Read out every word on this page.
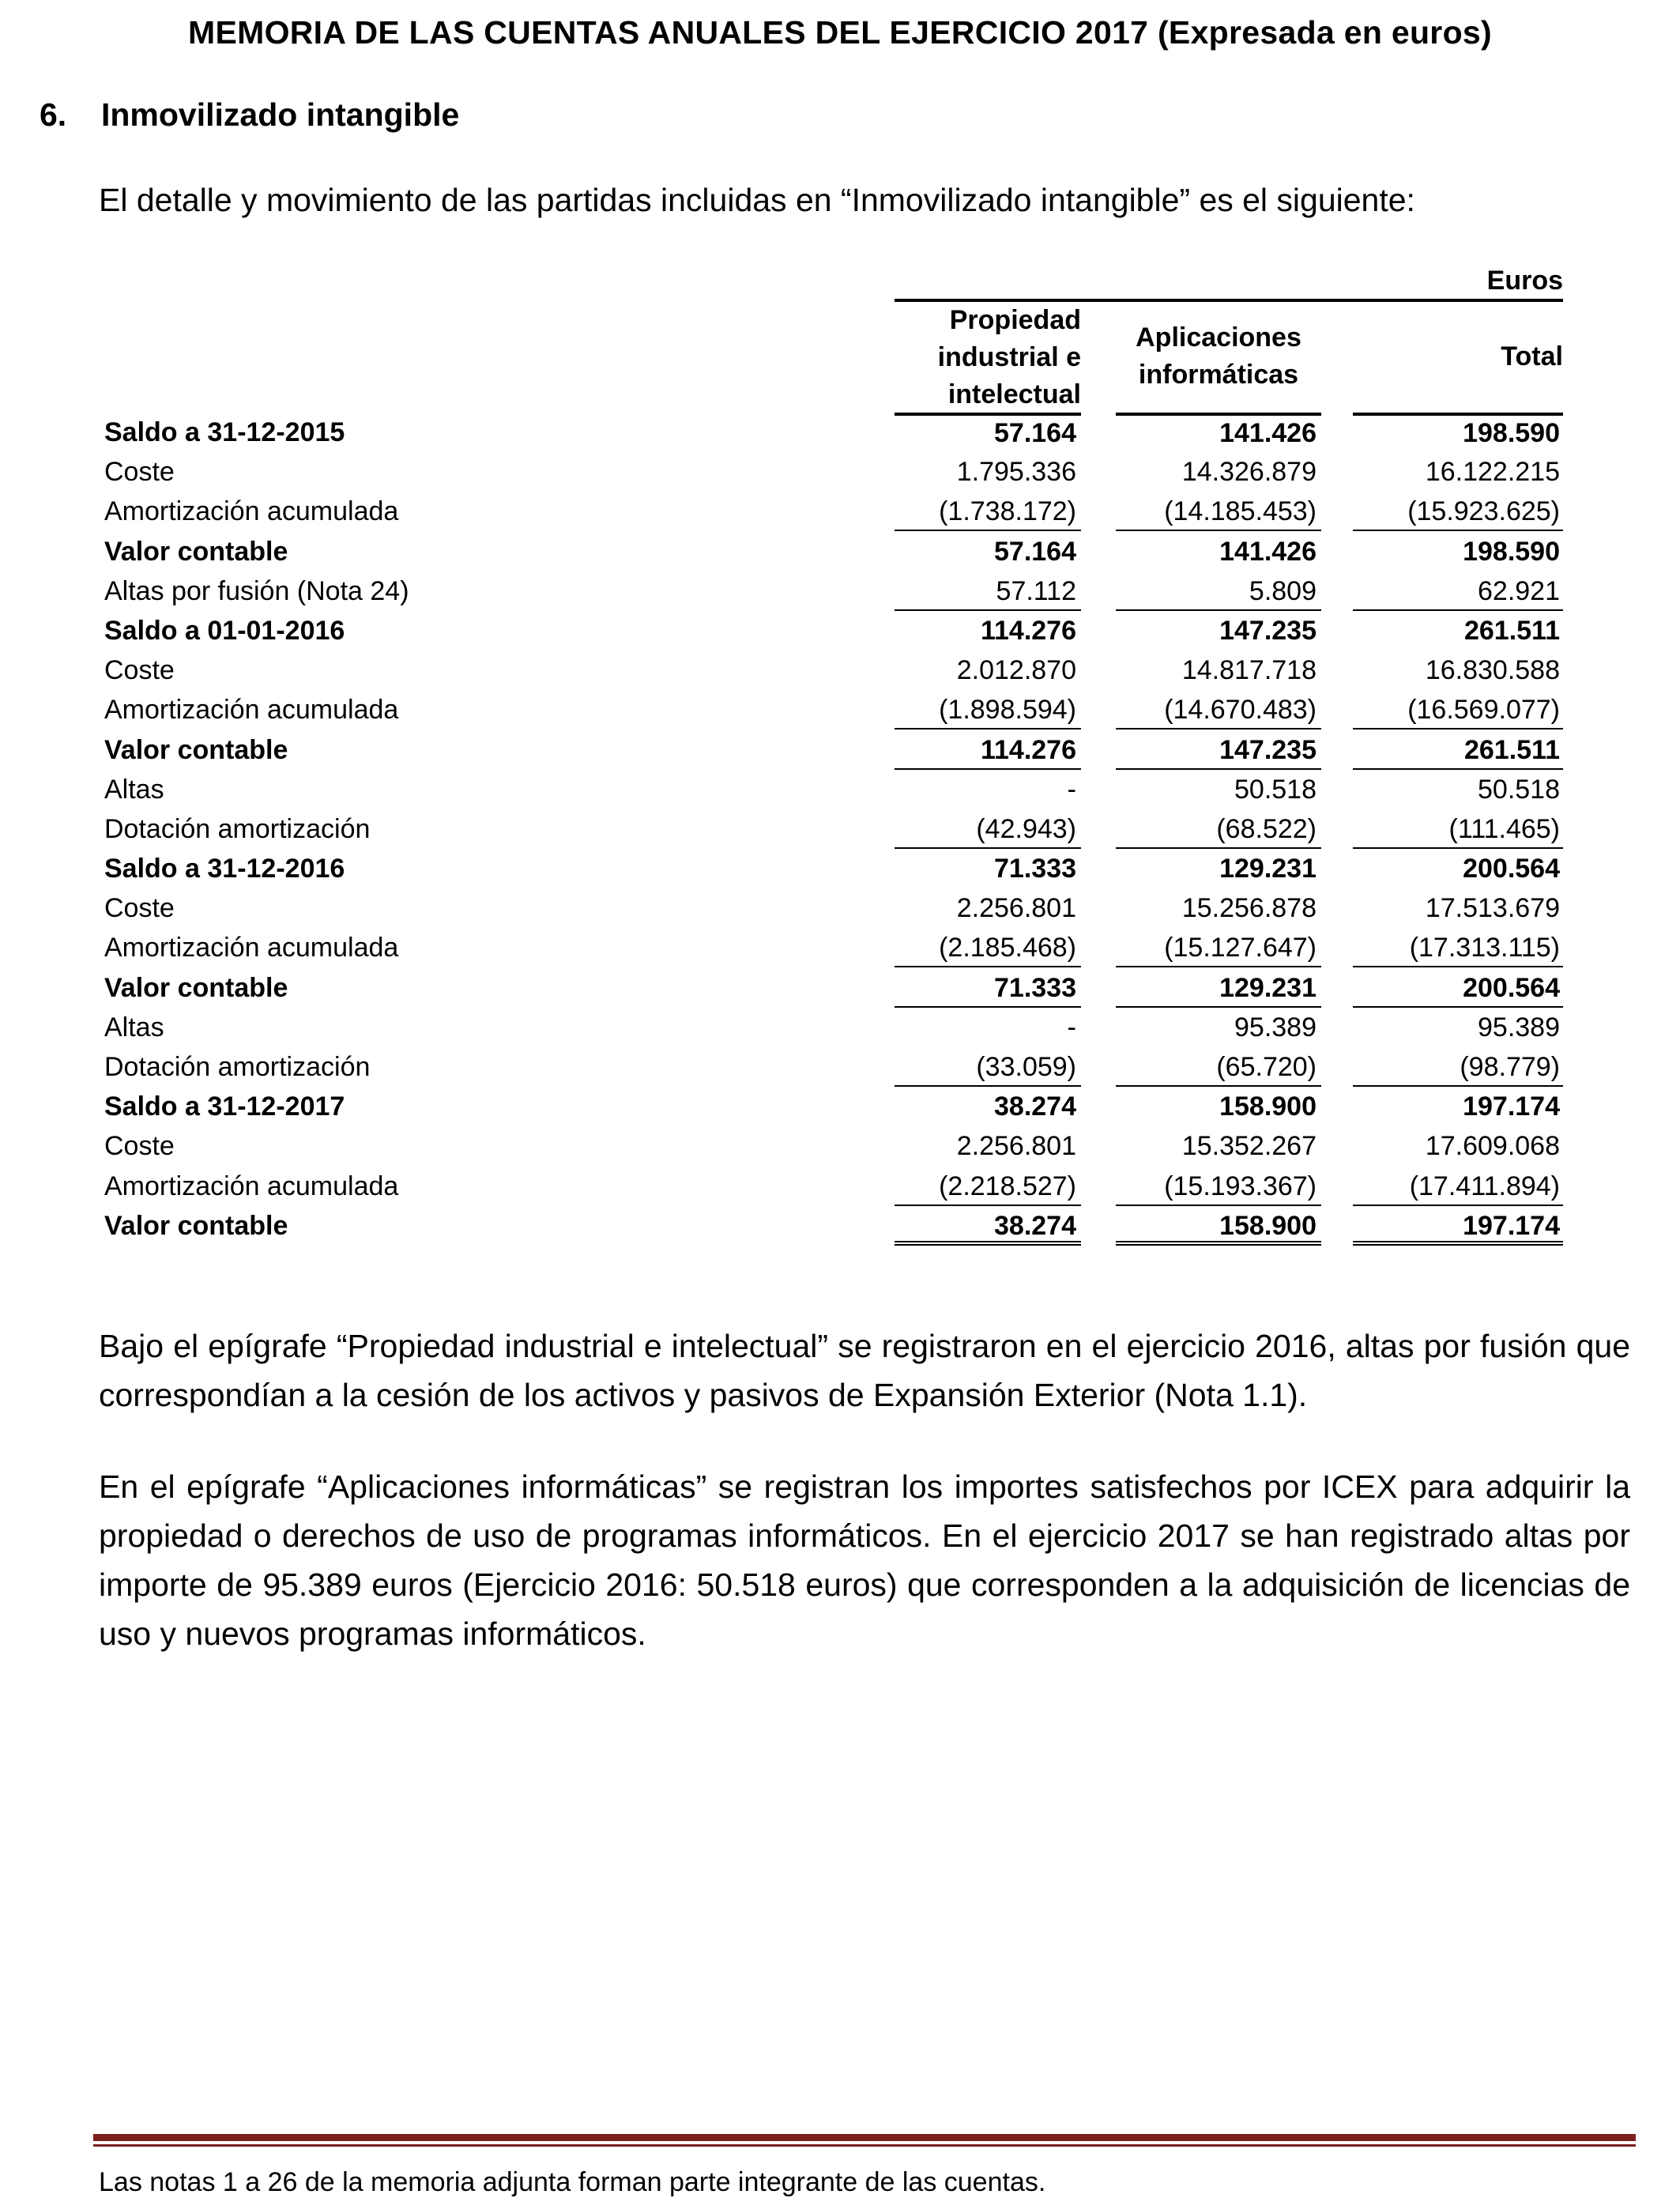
MEMORIA DE LAS CUENTAS ANUALES DEL EJERCICIO 2017 (Expresada en euros)
6. Inmovilizado intangible
El detalle y movimiento de las partidas incluidas en “Inmovilizado intangible” es el siguiente:
Euros
Propiedad industrial e intelectual
Aplicaciones informáticas
Total
Saldo a 31-12-2015	57.164	141.426	198.590
Coste	1.795.336	14.326.879	16.122.215
Amortización acumulada	(1.738.172)	(14.185.453)	(15.923.625)
Valor contable	57.164	141.426	198.590
Altas por fusión (Nota 24)	57.112	5.809	62.921
Saldo a 01-01-2016	114.276	147.235	261.511
Coste	2.012.870	14.817.718	16.830.588
Amortización acumulada	(1.898.594)	(14.670.483)	(16.569.077)
Valor contable	114.276	147.235	261.511
Altas	-	50.518	50.518
Dotación amortización	(42.943)	(68.522)	(111.465)
Saldo a 31-12-2016	71.333	129.231	200.564
Coste	2.256.801	15.256.878	17.513.679
Amortización acumulada	(2.185.468)	(15.127.647)	(17.313.115)
Valor contable	71.333	129.231	200.564
Altas	-	95.389	95.389
Dotación amortización	(33.059)	(65.720)	(98.779)
Saldo a 31-12-2017	38.274	158.900	197.174
Coste	2.256.801	15.352.267	17.609.068
Amortización acumulada	(2.218.527)	(15.193.367)	(17.411.894)
Valor contable	38.274	158.900	197.174
Bajo el epígrafe “Propiedad industrial e intelectual” se registraron en el ejercicio 2016, altas por fusión que correspondían a la cesión de los activos y pasivos de Expansión Exterior (Nota 1.1).
En el epígrafe “Aplicaciones informáticas” se registran los importes satisfechos por ICEX para adquirir la propiedad o derechos de uso de programas informáticos. En el ejercicio 2017 se han registrado altas por importe de 95.389 euros (Ejercicio 2016: 50.518 euros) que corresponden a la adquisición de licencias de uso y nuevos programas informáticos.
Las notas 1 a 26 de la memoria adjunta forman parte integrante de las cuentas.
